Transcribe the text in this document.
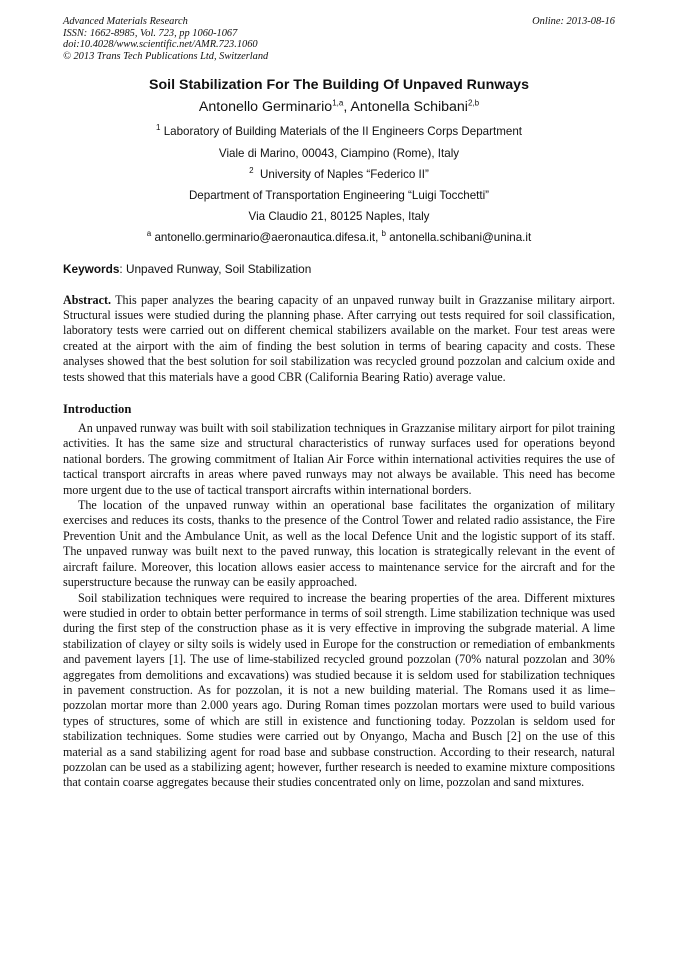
Advanced Materials Research
ISSN: 1662-8985, Vol. 723, pp 1060-1067
doi:10.4028/www.scientific.net/AMR.723.1060
© 2013 Trans Tech Publications Ltd, Switzerland
Online: 2013-08-16
Soil Stabilization For The Building Of Unpaved Runways
Antonello Germinario$^{1,a}$, Antonella Schibani$^{2,b}$
$^1$ Laboratory of Building Materials of the II Engineers Corps Department
Viale di Marino, 00043, Ciampino (Rome), Italy
$^2$ University of Naples “Federico II”
Department of Transportation Engineering “Luigi Tocchetti”
Via Claudio 21, 80125 Naples, Italy
$^a$ antonello.germinario@aeronautica.difesa.it, $^b$ antonella.schibani@unina.it
Keywords: Unpaved Runway, Soil Stabilization
Abstract. This paper analyzes the bearing capacity of an unpaved runway built in Grazzanise military airport. Structural issues were studied during the planning phase. After carrying out tests required for soil classification, laboratory tests were carried out on different chemical stabilizers available on the market. Four test areas were created at the airport with the aim of finding the best solution in terms of bearing capacity and costs. These analyses showed that the best solution for soil stabilization was recycled ground pozzolan and calcium oxide and tests showed that this materials have a good CBR (California Bearing Ratio) average value.
Introduction

An unpaved runway was built with soil stabilization techniques in Grazzanise military airport for pilot training activities. It has the same size and structural characteristics of runway surfaces used for operations beyond national borders. The growing commitment of Italian Air Force within international activities requires the use of tactical transport aircrafts in areas where paved runways may not always be available. This need has become more urgent due to the use of tactical transport aircrafts within international borders.

The location of the unpaved runway within an operational base facilitates the organization of military exercises and reduces its costs, thanks to the presence of the Control Tower and related radio assistance, the Fire Prevention Unit and the Ambulance Unit, as well as the local Defence Unit and the logistic support of its staff. The unpaved runway was built next to the paved runway, this location is strategically relevant in the event of aircraft failure. Moreover, this location allows easier access to maintenance service for the aircraft and for the superstructure because the runway can be easily approached.

Soil stabilization techniques were required to increase the bearing properties of the area. Different mixtures were studied in order to obtain better performance in terms of soil strength. Lime stabilization technique was used during the first step of the construction phase as it is very effective in improving the subgrade material. A lime stabilization of clayey or silty soils is widely used in Europe for the construction or remediation of embankments and pavement layers [1]. The use of lime-stabilized recycled ground pozzolan (70% natural pozzolan and 30% aggregates from demolitions and excavations) was studied because it is seldom used for stabilization techniques in pavement construction. As for pozzolan, it is not a new building material. The Romans used it as lime–pozzolan mortar more than 2.000 years ago. During Roman times pozzolan mortars were used to build various types of structures, some of which are still in existence and functioning today. Pozzolan is seldom used for stabilization techniques. Some studies were carried out by Onyango, Macha and Busch [2] on the use of this material as a sand stabilizing agent for road base and subbase construction. According to their research, natural pozzolan can be used as a stabilizing agent; however, further research is needed to examine mixture compositions that contain coarse aggregates because their studies concentrated only on lime, pozzolan and sand mixtures.
